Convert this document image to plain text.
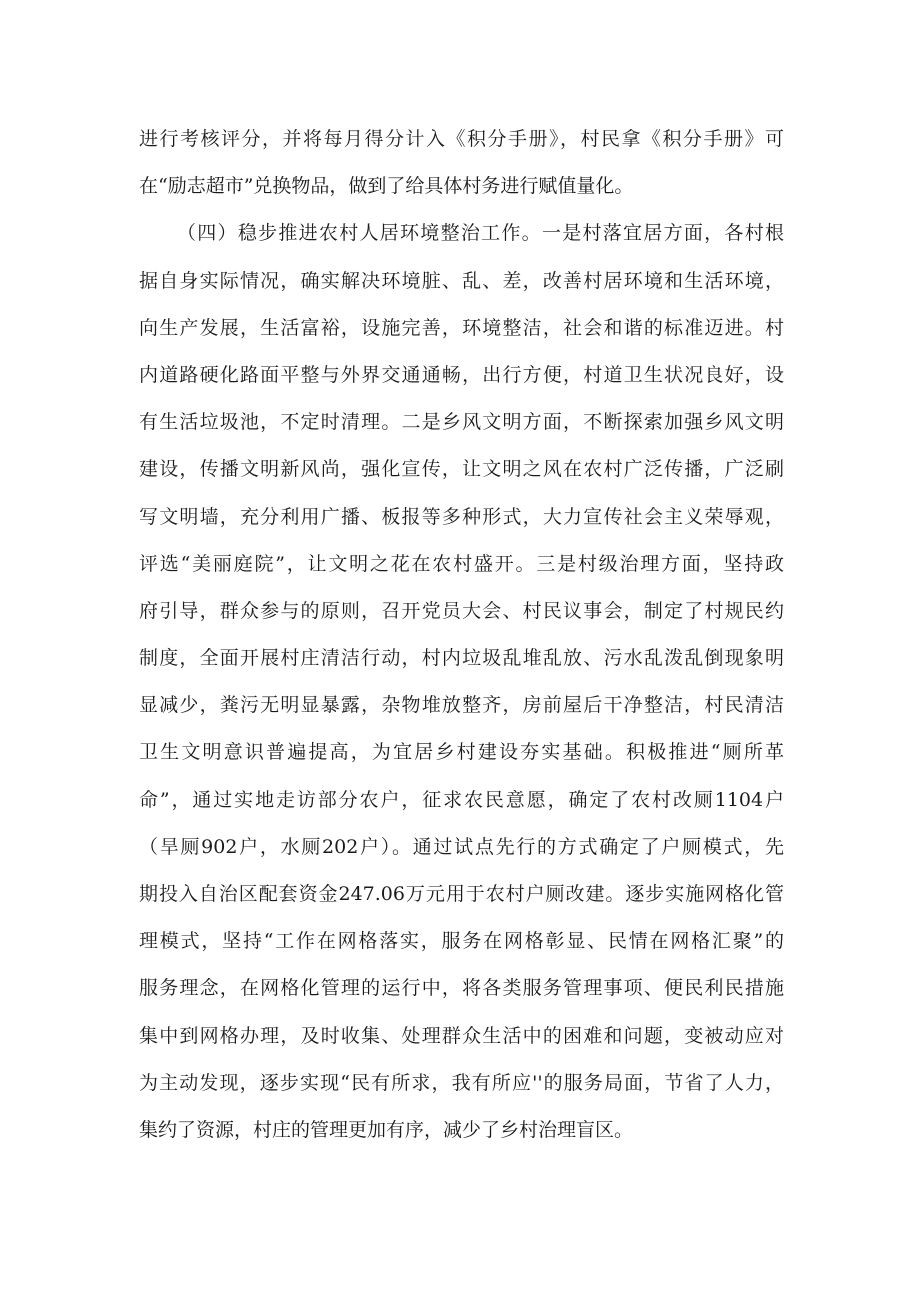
进行考核评分，并将每月得分计入《积分手册》，村民拿《积分手册》可
在“励志超市”兑换物品，做到了给具体村务进行赋值量化。
（四）稳步推进农村人居环境整治工作。一是村落宜居方面，各村根
据自身实际情况，确实解决环境脏、乱、差，改善村居环境和生活环境，
向生产发展，生活富裕，设施完善，环境整洁，社会和谐的标准迈进。村
内道路硬化路面平整与外界交通通畅，出行方便，村道卫生状况良好，设
有生活垃圾池，不定时清理。二是乡风文明方面，不断探索加强乡风文明
建设，传播文明新风尚，强化宣传，让文明之风在农村广泛传播，广泛刷
写文明墙，充分利用广播、板报等多种形式，大力宣传社会主义荣辱观，
评选“美丽庭院”，让文明之花在农村盛开。三是村级治理方面，坚持政
府引导，群众参与的原则，召开党员大会、村民议事会，制定了村规民约
制度，全面开展村庄清洁行动，村内垃圾乱堆乱放、污水乱泼乱倒现象明
显减少，粪污无明显暴露，杂物堆放整齐，房前屋后干净整洁，村民清洁
卫生文明意识普遍提高，为宜居乡村建设夯实基础。积极推进“厕所革
命”，通过实地走访部分农户，征求农民意愿，确定了农村改厕1104户
（旱厕902户，水厕202户）。通过试点先行的方式确定了户厕模式，先
期投入自治区配套资金247.06万元用于农村户厕改建。逐步实施网格化管
理模式，坚持“工作在网格落实，服务在网格彰显、民情在网格汇聚”的
服务理念，在网格化管理的运行中，将各类服务管理事项、便民利民措施
集中到网格办理，及时收集、处理群众生活中的困难和问题，变被动应对
为主动发现，逐步实现“民有所求，我有所应''的服务局面，节省了人力，
集约了资源，村庄的管理更加有序，减少了乡村治理盲区。
